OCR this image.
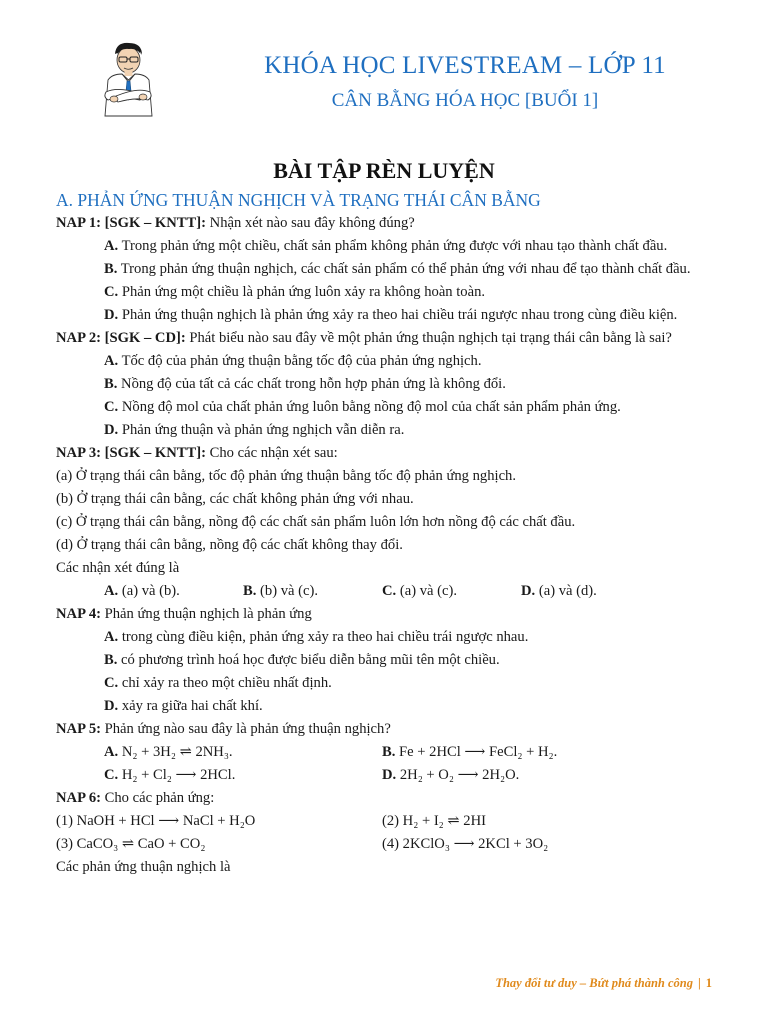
KHÓA HỌC LIVESTREAM – LỚP 11
CÂN BẰNG HÓA HỌC [BUỔI 1]
BÀI TẬP RÈN LUYỆN
A. PHẢN ỨNG THUẬN NGHỊCH VÀ TRẠNG THÁI CÂN BẰNG

NAP 1: [SGK – KNTT]: Nhận xét nào sau đây không đúng?

A. Trong phản ứng một chiều, chất sản phẩm không phản ứng được với nhau tạo thành chất đầu.

B. Trong phản ứng thuận nghịch, các chất sản phẩm có thể phản ứng với nhau để tạo thành chất đầu.

C. Phản ứng một chiều là phản ứng luôn xảy ra không hoàn toàn.

D. Phản ứng thuận nghịch là phản ứng xảy ra theo hai chiều trái ngược nhau trong cùng điều kiện.

NAP 2: [SGK – CD]: Phát biểu nào sau đây về một phản ứng thuận nghịch tại trạng thái cân bằng là sai?

A. Tốc độ của phản ứng thuận bằng tốc độ của phản ứng nghịch.

B. Nồng độ của tất cả các chất trong hỗn hợp phản ứng là không đổi.

C. Nồng độ mol của chất phản ứng luôn bằng nồng độ mol của chất sản phẩm phản ứng.

D. Phản ứng thuận và phản ứng nghịch vẫn diễn ra.

NAP 3: [SGK – KNTT]: Cho các nhận xét sau:

(a) Ở trạng thái cân bằng, tốc độ phản ứng thuận bằng tốc độ phản ứng nghịch.

(b) Ở trạng thái cân bằng, các chất không phản ứng với nhau.

(c) Ở trạng thái cân bằng, nồng độ các chất sản phẩm luôn lớn hơn nồng độ các chất đầu.

(d) Ở trạng thái cân bằng, nồng độ các chất không thay đổi.

Các nhận xét đúng là

A. (a) và (b).	B. (b) và (c).	C. (a) và (c).	D. (a) và (d).

NAP 4: Phản ứng thuận nghịch là phản ứng

A. trong cùng điều kiện, phản ứng xảy ra theo hai chiều trái ngược nhau.

B. có phương trình hoá học được biểu diễn bằng mũi tên một chiều.

C. chỉ xảy ra theo một chiều nhất định.

D. xảy ra giữa hai chất khí.

NAP 5: Phản ứng nào sau đây là phản ứng thuận nghịch?

A. N₂ + 3H₂ ⇌ 2NH₃.	B. Fe + 2HCl ⟶ FeCl₂ + H₂.
C. H₂ + Cl₂ ⟶ 2HCl.	D. 2H₂ + O₂ ⟶ 2H₂O.

NAP 6: Cho các phản ứng:

(1) NaOH + HCl ⟶ NaCl + H₂O	(2) H₂ + I₂ ⇌ 2HI
(3) CaCO₃ ⇌ CaO + CO₂	(4) 2KClO₃ ⟶ 2KCl + 3O₂

Các phản ứng thuận nghịch là

Thay đổi tư duy – Bứt phá thành công | 1
